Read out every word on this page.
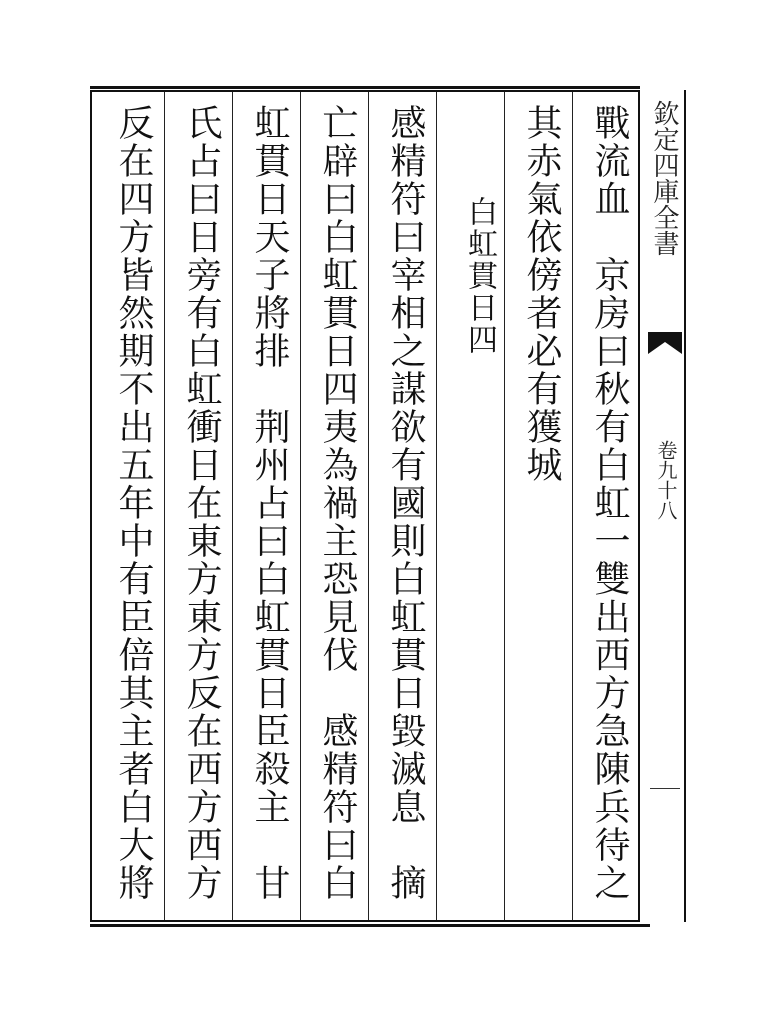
戰流血　京房曰秋有白虹一雙出西方急陳兵待之
其赤氣依傍者必有獲城
白虹貫日四
感精符曰宰相之謀欲有國則白虹貫日毀滅息　摘
亡辟曰白虹貫日四夷為禍主恐見伐　感精符曰白
虹貫日天子將排　荆州占曰白虹貫日臣殺主　甘
氏占曰日旁有白虹衝日在東方東方反在西方西方
反在四方皆然期不出五年中有臣倍其主者白大將	欽定四庫全書
卷九十八
